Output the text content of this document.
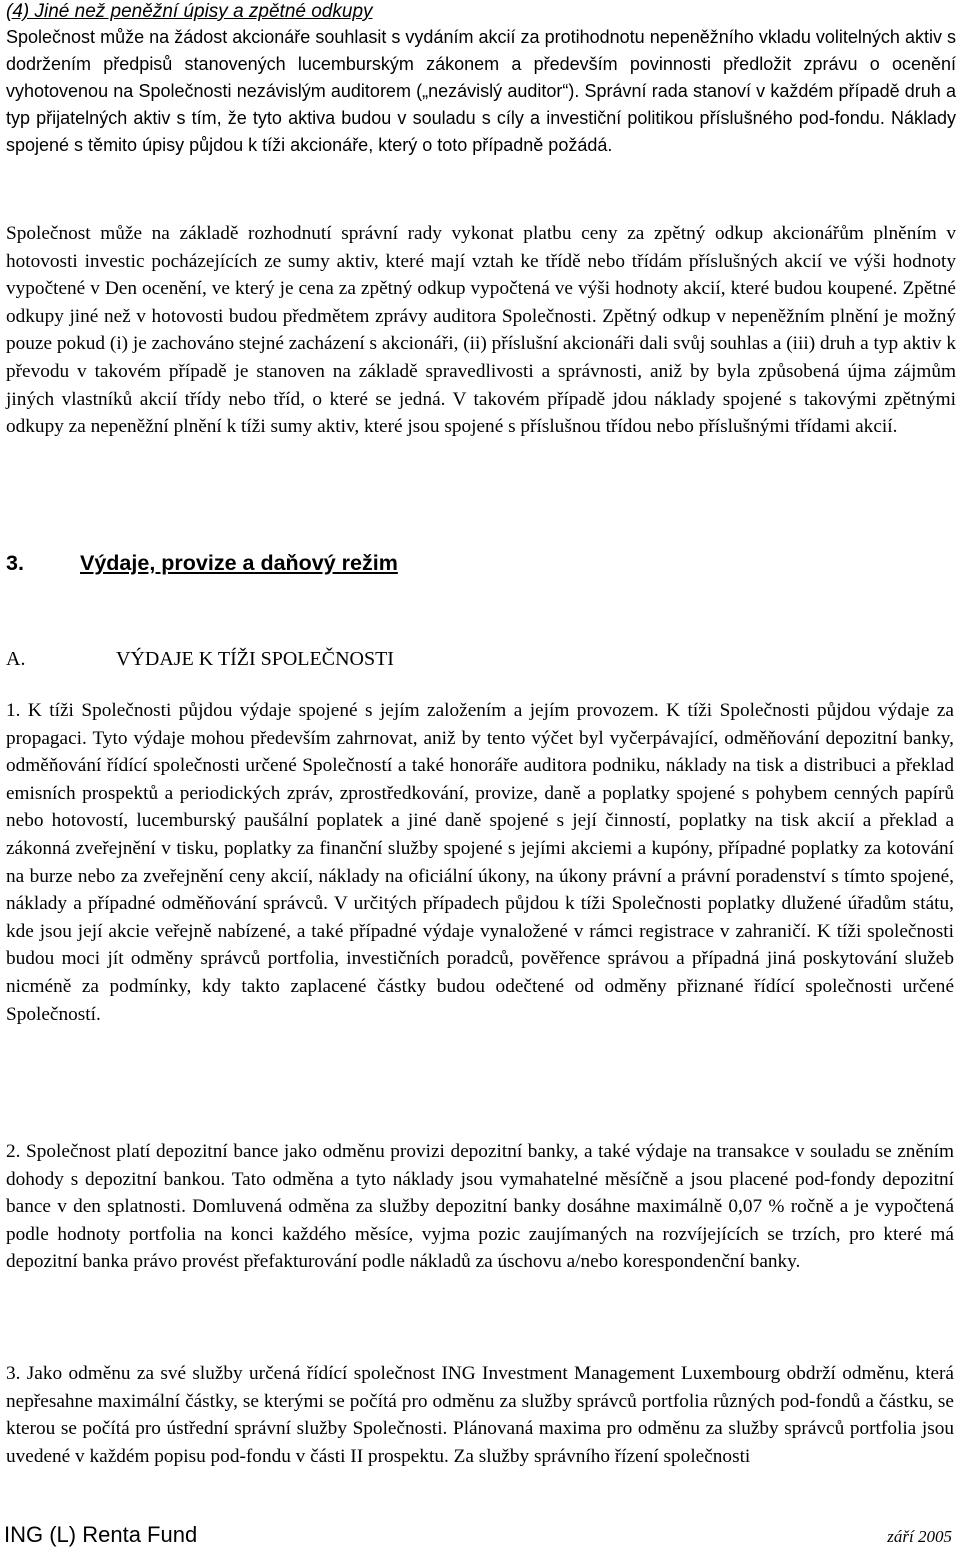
(4) Jiné než peněžní úpisy a zpětné odkupy

Společnost může na žádost akcionáře souhlasit s vydáním akcií za protihodnotu nepeněžního vkladu volitelných aktiv s dodržením předpisů stanovených lucemburským zákonem a především povinnosti předložit zprávu o ocenění vyhotovenou na Společnosti nezávislým auditorem („nezávislý auditor“). Správní rada stanoví v každém případě druh a typ přijatelných aktiv s tím, že tyto aktiva budou v souladu s cíly a investiční politikou příslušného pod-fondu. Náklady spojené s těmito úpisy půjdou k tíži akcionáře, který o toto případně požádá.

Společnost může na základě rozhodnutí správní rady vykonat platbu ceny za zpětný odkup akcionářům plněním v hotovosti investic pocházejících ze sumy aktiv, které mají vztah ke třídě nebo třídám příslušných akcií ve výši hodnoty vypočtené v Den ocenění, ve který je cena za zpětný odkup vypočtená ve výši hodnoty akcií, které budou koupené. Zpětné odkupy jiné než v hotovosti budou předmětem zprávy auditora Společnosti. Zpětný odkup v nepeněžním plnění je možný pouze pokud (i) je zachováno stejné zacházení s akcionáři, (ii) příslušní akcionáři dali svůj souhlas a (iii) druh a typ aktiv k převodu v takovém případě je stanoven na základě spravedlivosti a správnosti, aniž by byla způsobená újma zájmům jiných vlastníků akcií třídy nebo tříd, o které se jedná. V takovém případě jdou náklady spojené s takovými zpětnými odkupy za nepeněžní plnění k tíži sumy aktiv, které jsou spojené s příslušnou třídou nebo příslušnými třídami akcií.

3.	Výdaje, provize a daňový režim
A.	VÝDAJE K TÍŽI SPOLEČNOSTI

1. K tíži Společnosti půjdou výdaje spojené s jejím založením a jejím provozem. K tíži Společnosti půjdou výdaje za propagaci. Tyto výdaje mohou především zahrnovat, aniž by tento výčet byl vyčerpávající, odměňování depozitní banky, odměňování řídící společnosti určené Společností a také honoráře auditora podniku, náklady na tisk a distribuci a překlad emisních prospektů a periodických zpráv, zprostředkování, provize, daně a poplatky spojené s pohybem cenných papírů nebo hotovostí, lucemburský paušální poplatek a jiné daně spojené s její činností, poplatky na tisk akcií a překlad a zákonná zveřejnění v tisku, poplatky za finanční služby spojené s jejími akciemi a kupóny, případné poplatky za kotování na burze nebo za zveřejnění ceny akcií, náklady na oficiální úkony, na úkony právní a právní poradenství s tímto spojené, náklady a případné odměňování správců. V určitých případech půjdou k tíži Společnosti poplatky dlužené úřadům státu, kde jsou její akcie veřejně nabízené, a také případné výdaje vynaložené v rámci registrace v zahraničí. K tíži společnosti budou moci jít odměny správců portfolia, investičních poradců, pověřence správou a případná jiná poskytování služeb nicméně za podmínky, kdy takto zaplacené částky budou odečtené od odměny přiznané řídící společnosti určené Společností.

2. Společnost platí depozitní bance jako odměnu provizi depozitní banky, a také výdaje na transakce v souladu se zněním dohody s depozitní bankou. Tato odměna a tyto náklady jsou vymahatelné měsíčně a jsou placené pod-fondy depozitní bance v den splatnosti. Domluvená odměna za služby depozitní banky dosáhne maximálně 0,07 % ročně a je vypočtená podle hodnoty portfolia na konci každého měsíce, vyjma pozic zaujímaných na rozvíjejících se trzích, pro které má depozitní banka právo provést přefakturování podle nákladů za úschovu a/nebo korespondenční banky.

3. Jako odměnu za své služby určená řídící společnost ING Investment Management Luxembourg obdrží odměnu, která nepřesahne maximální částky, se kterými se počítá pro odměnu za služby správců portfolia různých pod-fondů a částku, se kterou se počítá pro ústřední správní služby Společnosti. Plánovaná maxima pro odměnu za služby správců portfolia jsou uvedené v každém popisu pod-fondu v části II prospektu. Za služby správního řízení společnosti

ING (L) Renta Fund	září 2005
